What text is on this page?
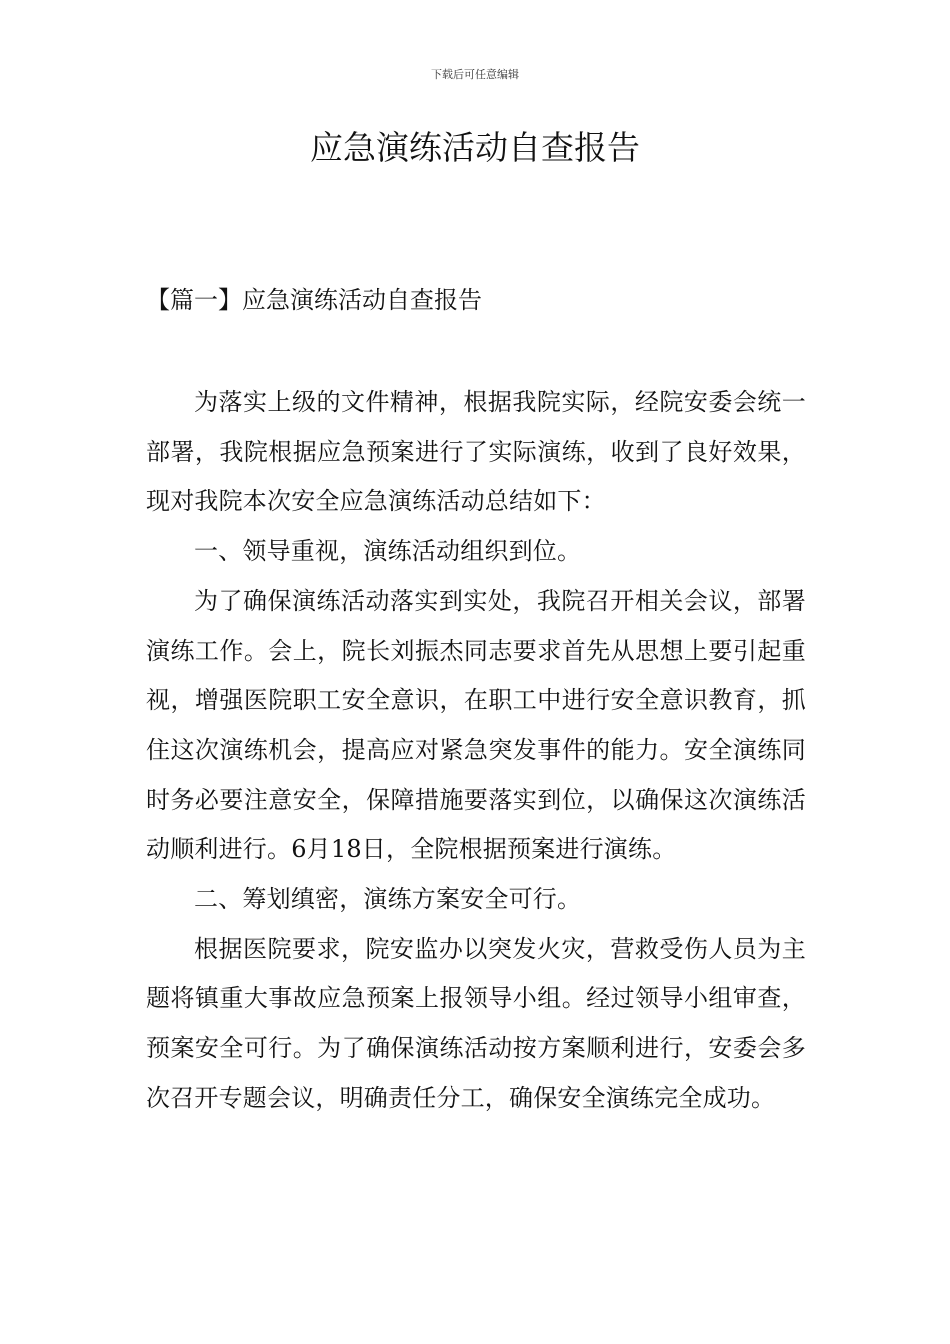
下载后可任意编辑
应急演练活动自查报告
【篇一】应急演练活动自查报告

为落实上级的文件精神，根据我院实际，经院安委会统一部署，我院根据应急预案进行了实际演练，收到了良好效果，现对我院本次安全应急演练活动总结如下：

一、领导重视，演练活动组织到位。

为了确保演练活动落实到实处，我院召开相关会议，部署演练工作。会上，院长刘振杰同志要求首先从思想上要引起重视，增强医院职工安全意识，在职工中进行安全意识教育，抓住这次演练机会，提高应对紧急突发事件的能力。安全演练同时务必要注意安全，保障措施要落实到位，以确保这次演练活动顺利进行。6月18日，全院根据预案进行演练。

二、筹划缜密，演练方案安全可行。

根据医院要求，院安监办以突发火灾，营救受伤人员为主题将镇重大事故应急预案上报领导小组。经过领导小组审查，预案安全可行。为了确保演练活动按方案顺利进行，安委会多次召开专题会议，明确责任分工，确保安全演练完全成功。
